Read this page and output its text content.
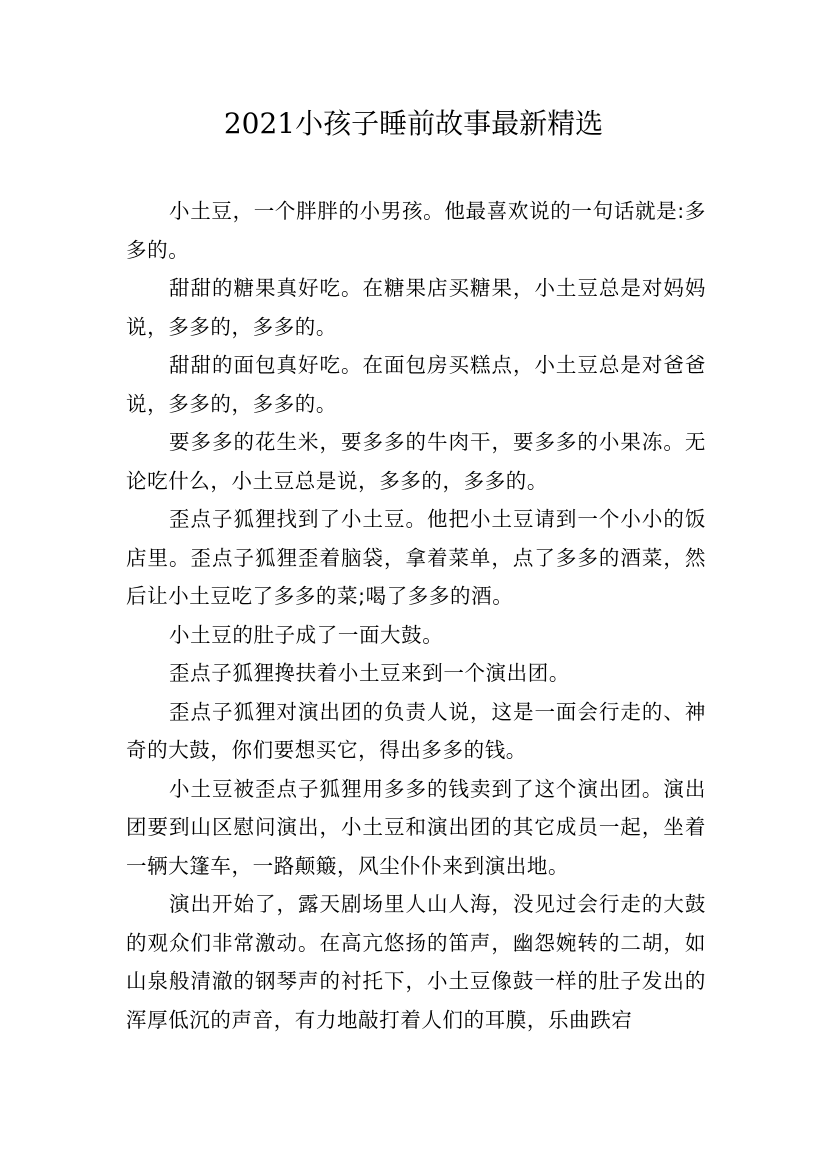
2021小孩子睡前故事最新精选

小土豆，一个胖胖的小男孩。他最喜欢说的一句话就是:多多的。

甜甜的糖果真好吃。在糖果店买糖果，小土豆总是对妈妈说，多多的，多多的。

甜甜的面包真好吃。在面包房买糕点，小土豆总是对爸爸说，多多的，多多的。

要多多的花生米，要多多的牛肉干，要多多的小果冻。无论吃什么，小土豆总是说，多多的，多多的。

歪点子狐狸找到了小土豆。他把小土豆请到一个小小的饭店里。歪点子狐狸歪着脑袋，拿着菜单，点了多多的酒菜，然后让小土豆吃了多多的菜;喝了多多的酒。

小土豆的肚子成了一面大鼓。

歪点子狐狸搀扶着小土豆来到一个演出团。

歪点子狐狸对演出团的负责人说，这是一面会行走的、神奇的大鼓，你们要想买它，得出多多的钱。

小土豆被歪点子狐狸用多多的钱卖到了这个演出团。演出团要到山区慰问演出，小土豆和演出团的其它成员一起，坐着一辆大篷车，一路颠簸，风尘仆仆来到演出地。

演出开始了，露天剧场里人山人海，没见过会行走的大鼓的观众们非常激动。在高亢悠扬的笛声，幽怨婉转的二胡，如山泉般清澈的钢琴声的衬托下，小土豆像鼓一样的肚子发出的浑厚低沉的声音，有力地敲打着人们的耳膜，乐曲跌宕
